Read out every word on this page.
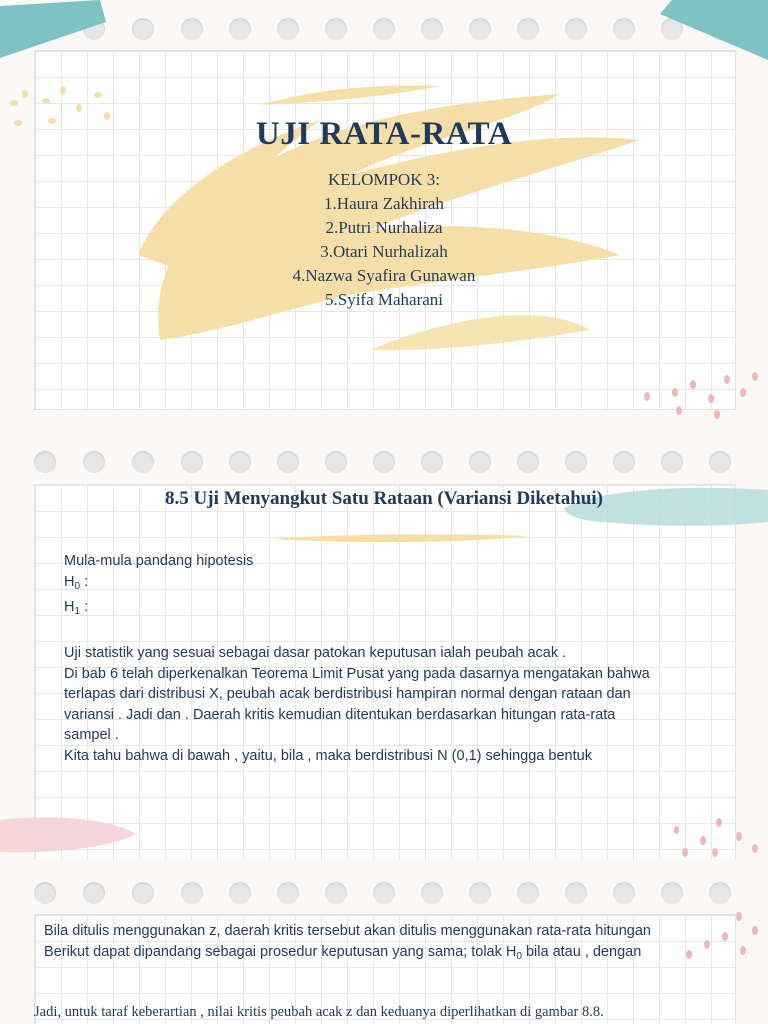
UJI RATA-RATA
KELOMPOK 3:
1.Haura Zakhirah
2.Putri Nurhaliza
3.Otari Nurhalizah
4.Nazwa Syafira Gunawan
5.Syifa Maharani
8.5 Uji Menyangkut Satu Rataan (Variansi Diketahui)

Mula-mula pandang hipotesis

$H_0$ :

$H_1$ :

Uji statistik yang sesuai sebagai dasar patokan keputusan ialah peubah acak .

Di bab 6 telah diperkenalkan Teorema Limit Pusat yang pada dasarnya mengatakan bahwa

terlapas dari distribusi X, peubah acak berdistribusi hampiran normal dengan rataan dan

variansi . Jadi dan . Daerah kritis kemudian ditentukan berdasarkan hitungan rata-rata

sampel .

Kita tahu bahwa di bawah , yaitu, bila , maka berdistribusi N (0,1) sehingga bentuk

Bila ditulis menggunakan z, daerah kritis tersebut akan ditulis menggunakan rata-rata hitungan

Berikut dapat dipandang sebagai prosedur keputusan yang sama; tolak $H_0$ bila atau , dengan

Jadi, untuk taraf keberartian , nilai kritis peubah acak z dan keduanya diperlihatkan di gambar 8.8.
